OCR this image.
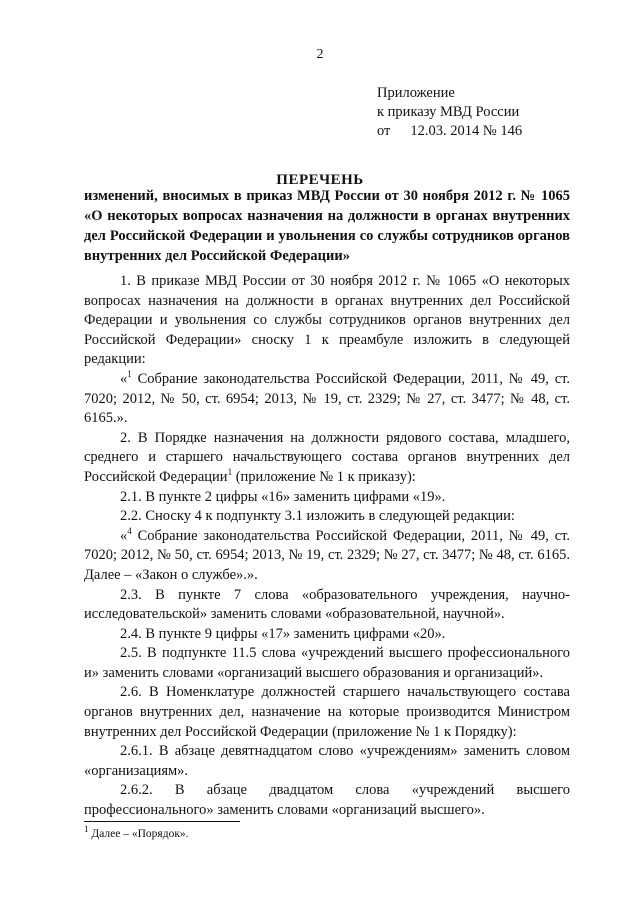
2
Приложение
к приказу МВД России
от 12.03. 2014 № 146
ПЕРЕЧЕНЬ
изменений, вносимых в приказ МВД России от 30 ноября 2012 г. № 1065 «О некоторых вопросах назначения на должности в органах внутренних дел Российской Федерации и увольнения со службы сотрудников органов внутренних дел Российской Федерации»

1. В приказе МВД России от 30 ноября 2012 г. № 1065 «О некоторых вопросах назначения на должности в органах внутренних дел Российской Федерации и увольнения со службы сотрудников органов внутренних дел Российской Федерации» сноску 1 к преамбуле изложить в следующей редакции:

«$^1$ Собрание законодательства Российской Федерации, 2011, № 49, ст. 7020; 2012, № 50, ст. 6954; 2013, № 19, ст. 2329; № 27, ст. 3477; № 48, ст. 6165.».

2. В Порядке назначения на должности рядового состава, младшего, среднего и старшего начальствующего состава органов внутренних дел Российской Федерации$^1$ (приложение № 1 к приказу):

2.1. В пункте 2 цифры «16» заменить цифрами «19».

2.2. Сноску 4 к подпункту 3.1 изложить в следующей редакции:

«$^4$ Собрание законодательства Российской Федерации, 2011, № 49, ст. 7020; 2012, № 50, ст. 6954; 2013, № 19, ст. 2329; № 27, ст. 3477; № 48, ст. 6165. Далее – «Закон о службе».».

2.3. В пункте 7 слова «образовательного учреждения, научно-исследовательской» заменить словами «образовательной, научной».

2.4. В пункте 9 цифры «17» заменить цифрами «20».

2.5. В подпункте 11.5 слова «учреждений высшего профессионального и» заменить словами «организаций высшего образования и организаций».

2.6. В Номенклатуре должностей старшего начальствующего состава органов внутренних дел, назначение на которые производится Министром внутренних дел Российской Федерации (приложение № 1 к Порядку):

2.6.1. В абзаце девятнадцатом слово «учреждениям» заменить словом «организациям».

2.6.2. В абзаце двадцатом слова «учреждений высшего профессионального» заменить словами «организаций высшего».

$^1$ Далее – «Порядок».
